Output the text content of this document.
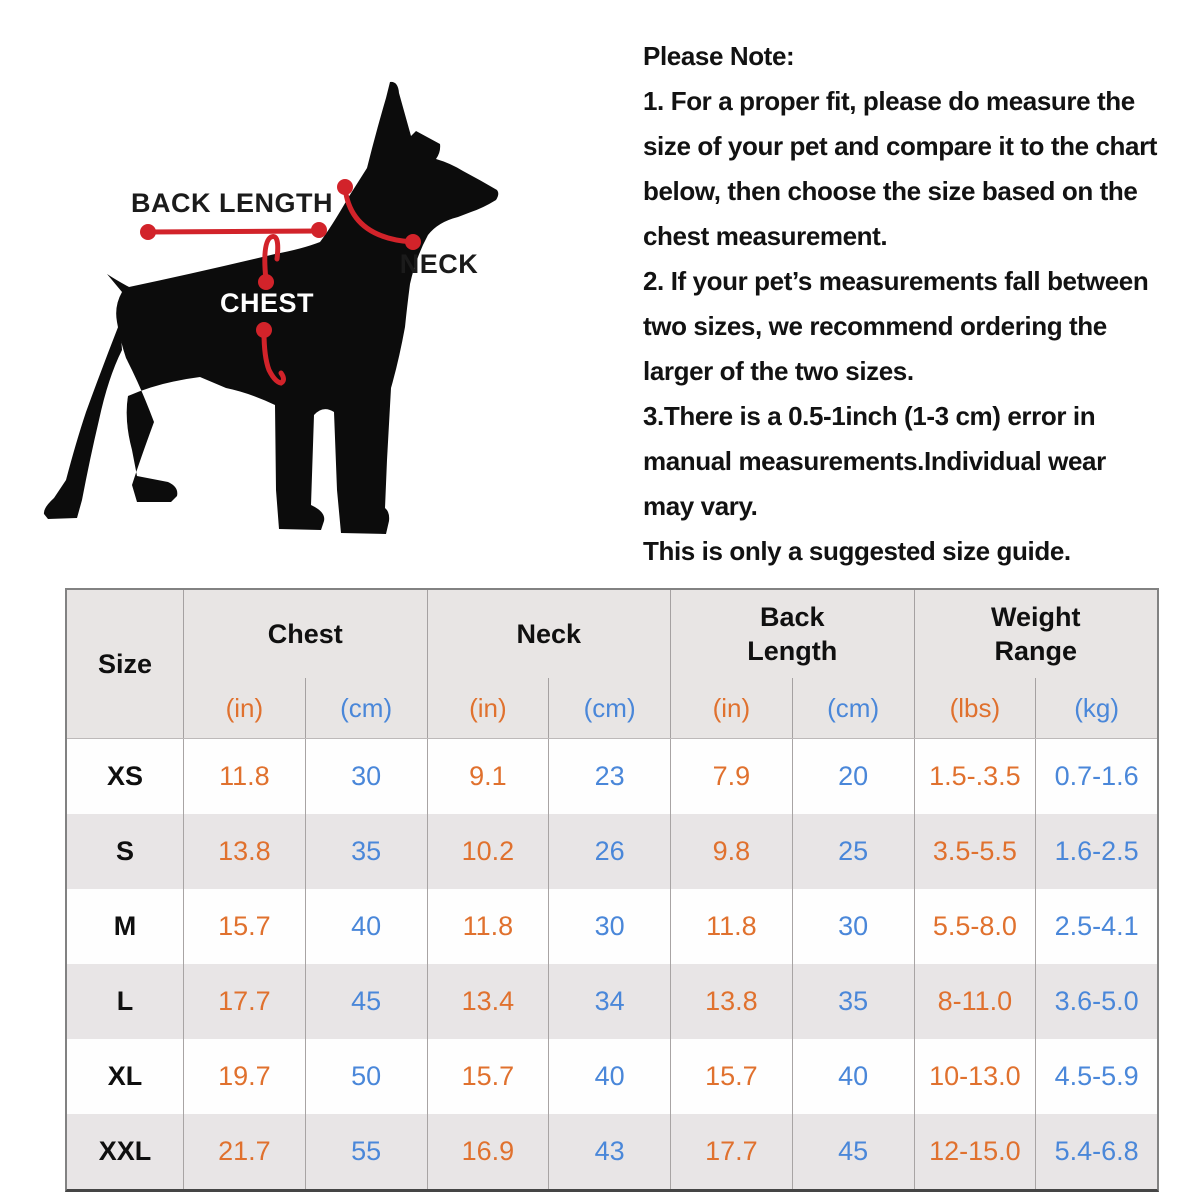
BACK LENGTH
NECK
CHEST
Please Note:
1. For a proper fit, please do measure the
size of your pet and compare it to the chart
below, then choose the size based on the
chest measurement.
2. If your pet’s measurements fall between
two sizes, we recommend ordering the
larger of the two sizes.
3.There is a 0.5-1inch (1-3 cm) error in
manual measurements.Individual wear
may vary.
This is only a suggested size guide.
Size
Chest	Neck
Back Length
Weight Range
(in)	(cm)	(in)	(cm)	(in)	(cm)	(lbs)	(kg)
XS	11.8	30	9.1	23	7.9	20	1.5-.3.5	0.7-1.6
S	13.8	35	10.2	26	9.8	25	3.5-5.5	1.6-2.5
M	15.7	40	11.8	30	11.8	30	5.5-8.0	2.5-4.1
L	17.7	45	13.4	34	13.8	35	8-11.0	3.6-5.0
XL	19.7	50	15.7	40	15.7	40	10-13.0	4.5-5.9
XXL	21.7	55	16.9	43	17.7	45	12-15.0	5.4-6.8
